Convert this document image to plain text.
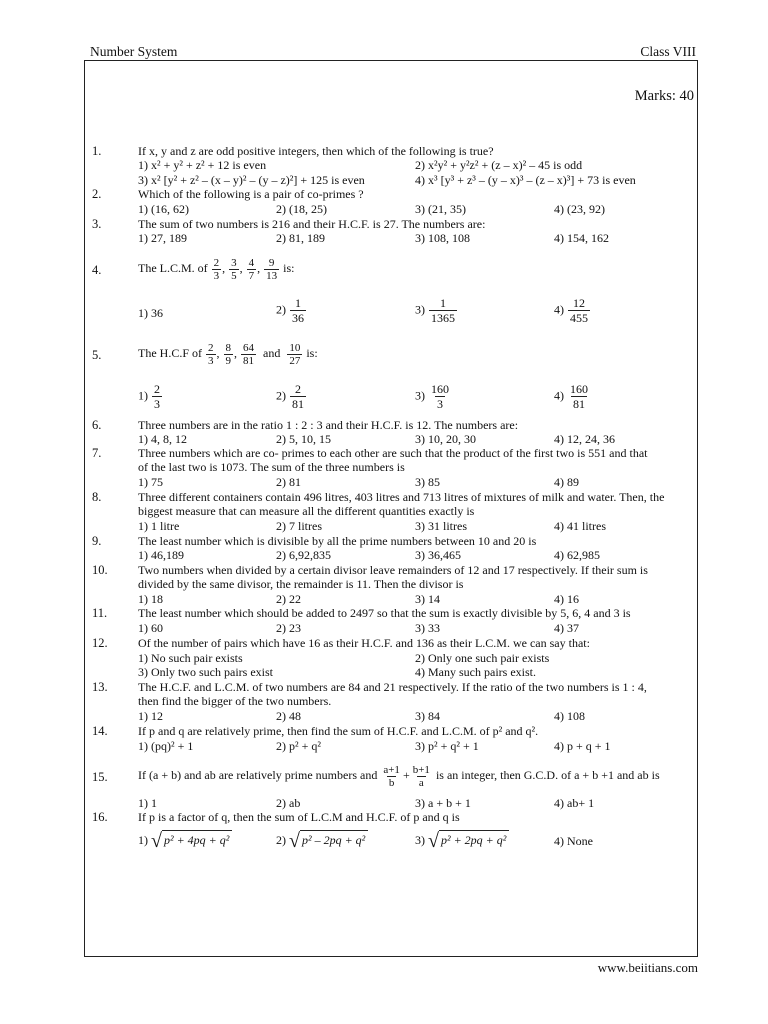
Number System	Class VIII
Marks: 40
1.	If x, y and z are odd positive integers, then which of the following is true?
1) x² + y² + z² + 12 is even	2) x²y² + y²z² + (z – x)² – 45 is odd
3) x² [y² + z² – (x – y)² – (y – z)²] + 125 is even	4) x³ [y³ + z³ – (y – x)³ – (z – x)³] + 73 is even
2.	Which of the following is a pair of co-primes ?
1) (16, 62)	2) (18, 25)	3) (21, 35)	4) (23, 92)
3.	The sum of two numbers is 216 and their H.C.F. is 27. The numbers are:
1) 27, 189	2) 81, 189	3) 108, 108	4) 154, 162
4.	The L.C.M. of $\frac{2}{3}$ , $\frac{3}{5}$ , $\frac{4}{7}$ , $\frac{9}{13}$ is:
1) 36	$2) \frac{1}{36}$	$3) \frac{1}{1365}$	$4) \frac{12}{455}$
5.	The H.C.F of $\frac{2}{3}$ , $\frac{8}{9}$ , $\frac{64}{81}$ and $\frac{10}{27}$ is:
$1) \frac{2}{3}$	$2) \frac{2}{81}$	$3) \frac{160}{3}$	$4) \frac{160}{81}$
6.	Three numbers are in the ratio 1 : 2 : 3 and their H.C.F. is 12. The numbers are:
1) 4, 8, 12	2) 5, 10, 15	3) 10, 20, 30	4) 12, 24, 36
7.	Three numbers which are co- primes to each other are such that the product of the first two is 551 and that
of the last two is 1073. The sum of the three numbers is
1) 75	2) 81	3) 85	4) 89
8.	Three different containers contain 496 litres, 403 litres and 713 litres of mixtures of milk and water. Then, the
biggest measure that can measure all the different quantities exactly is
1) 1 litre	2) 7 litres	3) 31 litres	4) 41 litres
9.	The least number which is divisible by all the prime numbers between 10 and 20 is
1) 46,189	2) 6,92,835	3) 36,465	4) 62,985
10.	Two numbers when divided by a certain divisor leave remainders of 12 and 17 respectively. If their sum is
divided by the same divisor, the remainder is 11. Then the divisor is
1) 18	2) 22	3) 14	4) 16
11.	The least number which should be added to 2497 so that the sum is exactly divisible by 5, 6, 4 and 3 is
1) 60	2) 23	3) 33	4) 37
12.	Of the number of pairs which have 16 as their H.C.F. and 136 as their L.C.M. we can say that:
1) No such pair exists	2) Only one such pair exists
3) Only two such pairs exist	4) Many such pairs exist.
13.	The H.C.F. and L.C.M. of two numbers are 84 and 21 respectively. If the ratio of the two numbers is 1 : 4,
then find the bigger of the two numbers.
1) 12	2) 48	3) 84	4) 108
14.	If p and q are relatively prime, then find the sum of H.C.F. and L.C.M. of p² and q².
1) (pq)² + 1	2) p² + q²	3) p² + q² + 1	4) p + q + 1
15.	If (a + b) and ab are relatively prime numbers and $\frac{a+1}{b} + \frac{b+1}{a}$ is an integer, then G.C.D. of a + b +1 and ab is
1) 1	2) ab	3) a + b + 1	4) ab+ 1
16.	If p is a factor of q, then the sum of L.C.M and H.C.F. of p and q is
1) √ p² + 4pq + q²	2) √ p² – 2pq + q²	3) √ p² + 2pq + q²	4) None
www.beiitians.com
